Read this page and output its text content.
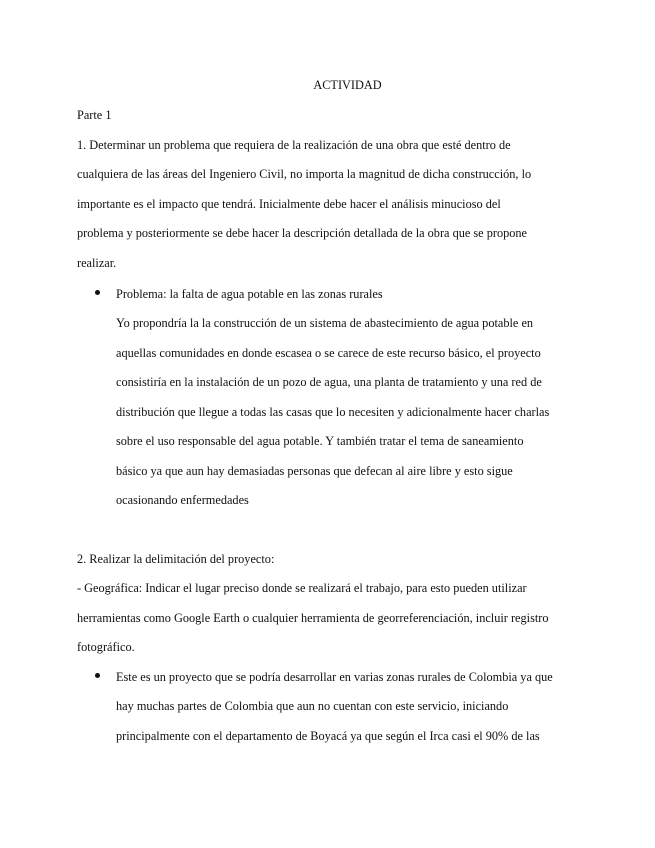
ACTIVIDAD

Parte 1

1. Determinar un problema que requiera de la realización de una obra que esté dentro de

cualquiera de las áreas del Ingeniero Civil, no importa la magnitud de dicha construcción, lo

importante es el impacto que tendrá. Inicialmente debe hacer el análisis minucioso del

problema y posteriormente se debe hacer la descripción detallada de la obra que se propone

realizar.

Problema: la falta de agua potable en las zonas rurales

Yo propondría la la construcción de un sistema de abastecimiento de agua potable en

aquellas comunidades en donde escasea o se carece de este recurso básico, el proyecto

consistiría en la instalación de un pozo de agua, una planta de tratamiento y una red de

distribución que llegue a todas las casas que lo necesiten y adicionalmente hacer charlas

sobre el uso responsable del agua potable. Y también tratar el tema de saneamiento

básico ya que aun hay demasiadas personas que defecan al aire libre y esto sigue

ocasionando enfermedades

2. Realizar la delimitación del proyecto:

- Geográfica: Indicar el lugar preciso donde se realizará el trabajo, para esto pueden utilizar

herramientas como Google Earth o cualquier herramienta de georreferenciación, incluir registro

fotográfico.

Este es un proyecto que se podría desarrollar en varias zonas rurales de Colombia ya que

hay muchas partes de Colombia que aun no cuentan con este servicio, iniciando

principalmente con el departamento de Boyacá ya que según el Irca casi el 90% de las
